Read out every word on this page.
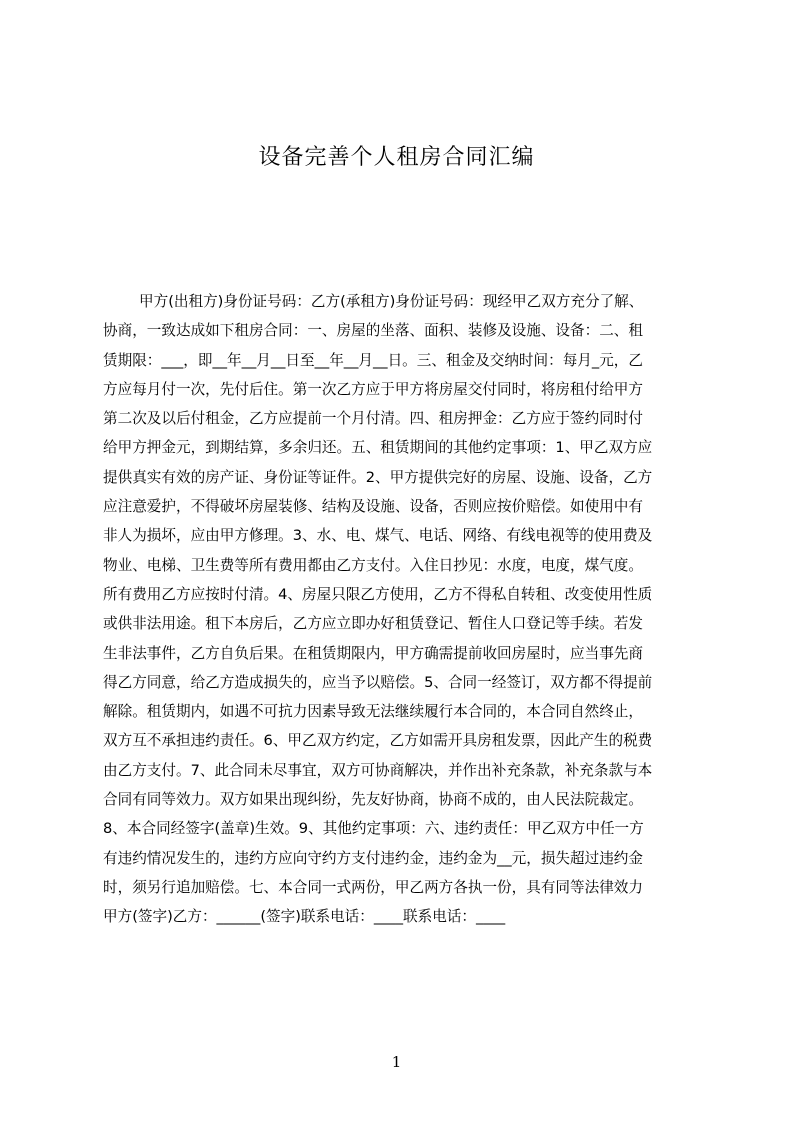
设备完善个人租房合同汇编
甲方(出租方)身份证号码：乙方(承租方)身份证号码：现经甲乙双方充分了解、
协商，一致达成如下租房合同：一、房屋的坐落、面积、装修及设施、设备：二、租
赁期限：___，即__年__月__日至__年__月__日。三、租金及交纳时间：每月_元，乙
方应每月付一次，先付后住。第一次乙方应于甲方将房屋交付同时，将房租付给甲方
第二次及以后付租金，乙方应提前一个月付清。四、租房押金：乙方应于签约同时付
给甲方押金元，到期结算，多余归还。五、租赁期间的其他约定事项：1、甲乙双方应
提供真实有效的房产证、身份证等证件。2、甲方提供完好的房屋、设施、设备，乙方
应注意爱护，不得破坏房屋装修、结构及设施、设备，否则应按价赔偿。如使用中有
非人为损坏，应由甲方修理。3、水、电、煤气、电话、网络、有线电视等的使用费及
物业、电梯、卫生费等所有费用都由乙方支付。入住日抄见：水度，电度，煤气度。
所有费用乙方应按时付清。4、房屋只限乙方使用，乙方不得私自转租、改变使用性质
或供非法用途。租下本房后，乙方应立即办好租赁登记、暂住人口登记等手续。若发
生非法事件，乙方自负后果。在租赁期限内，甲方确需提前收回房屋时，应当事先商
得乙方同意，给乙方造成损失的，应当予以赔偿。5、合同一经签订，双方都不得提前
解除。租赁期内，如遇不可抗力因素导致无法继续履行本合同的，本合同自然终止，
双方互不承担违约责任。6、甲乙双方约定，乙方如需开具房租发票，因此产生的税费
由乙方支付。7、此合同未尽事宜，双方可协商解决，并作出补充条款，补充条款与本
合同有同等效力。双方如果出现纠纷，先友好协商，协商不成的，由人民法院裁定。
8、本合同经签字(盖章)生效。9、其他约定事项：六、违约责任：甲乙双方中任一方
有违约情况发生的，违约方应向守约方支付违约金，违约金为__元，损失超过违约金
时，须另行追加赔偿。七、本合同一式两份，甲乙两方各执一份，具有同等法律效力
甲方(签字)乙方：______(签字)联系电话：____联系电话：____
1
